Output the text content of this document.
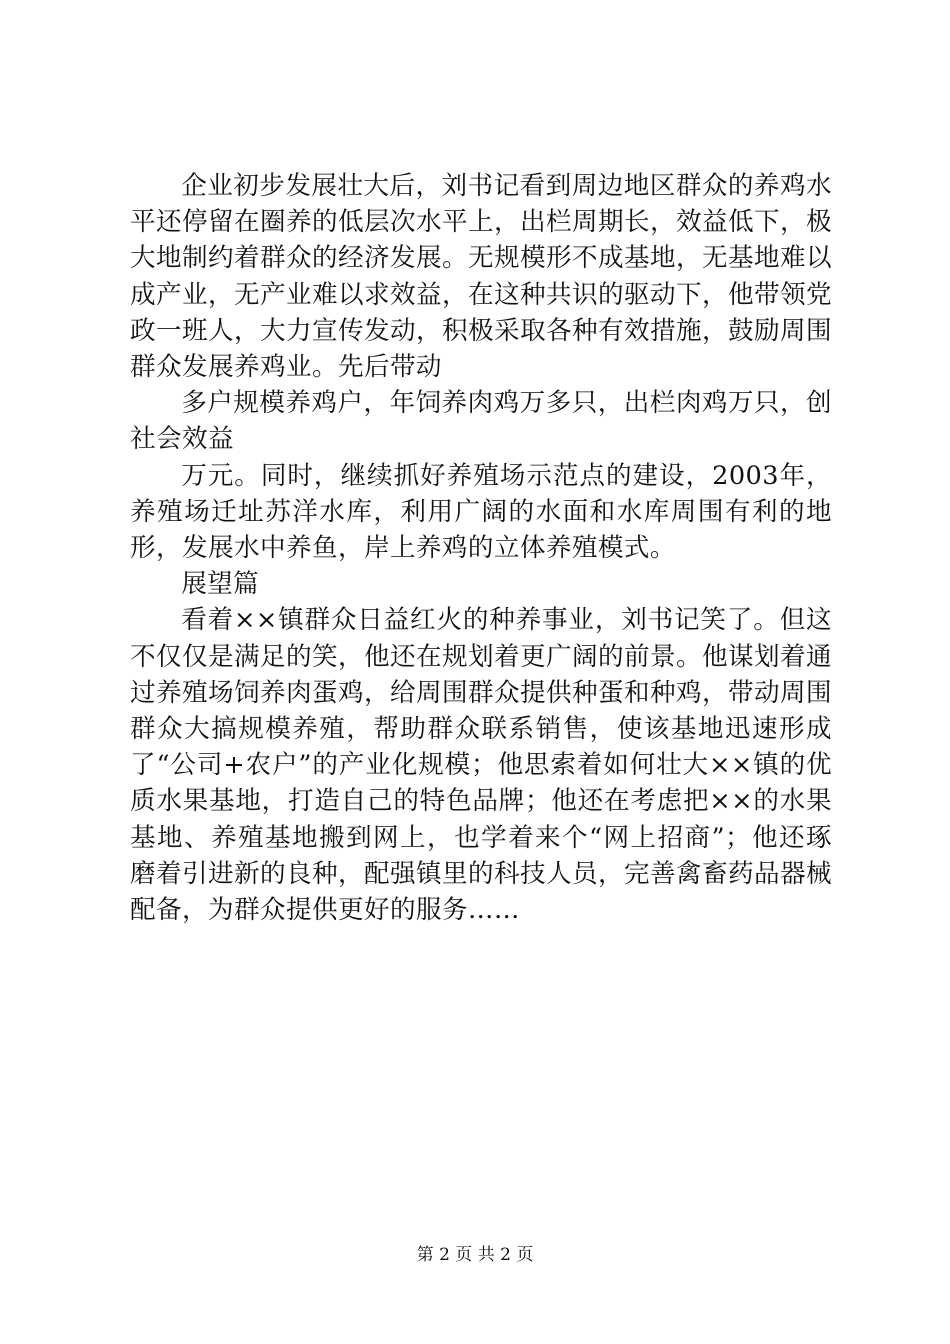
企业初步发展壮大后，刘书记看到周边地区群众的养鸡水平还停留在圈养的低层次水平上，出栏周期长，效益低下，极大地制约着群众的经济发展。无规模形不成基地，无基地难以成产业，无产业难以求效益，在这种共识的驱动下，他带领党政一班人，大力宣传发动，积极采取各种有效措施，鼓励周围群众发展养鸡业。先后带动

多户规模养鸡户，年饲养肉鸡万多只，出栏肉鸡万只，创社会效益

万元。同时，继续抓好养殖场示范点的建设，2003年，养殖场迁址苏洋水库，利用广阔的水面和水库周围有利的地形，发展水中养鱼，岸上养鸡的立体养殖模式。

展望篇

看着××镇群众日益红火的种养事业，刘书记笑了。但这不仅仅是满足的笑，他还在规划着更广阔的前景。他谋划着通过养殖场饲养肉蛋鸡，给周围群众提供种蛋和种鸡，带动周围群众大搞规模养殖，帮助群众联系销售，使该基地迅速形成了“公司+农户”的产业化规模；他思索着如何壮大××镇的优质水果基地，打造自己的特色品牌；他还在考虑把××的水果基地、养殖基地搬到网上，也学着来个“网上招商”；他还琢磨着引进新的良种，配强镇里的科技人员，完善禽畜药品器械配备，为群众提供更好的服务……

第 2 页 共 2 页
